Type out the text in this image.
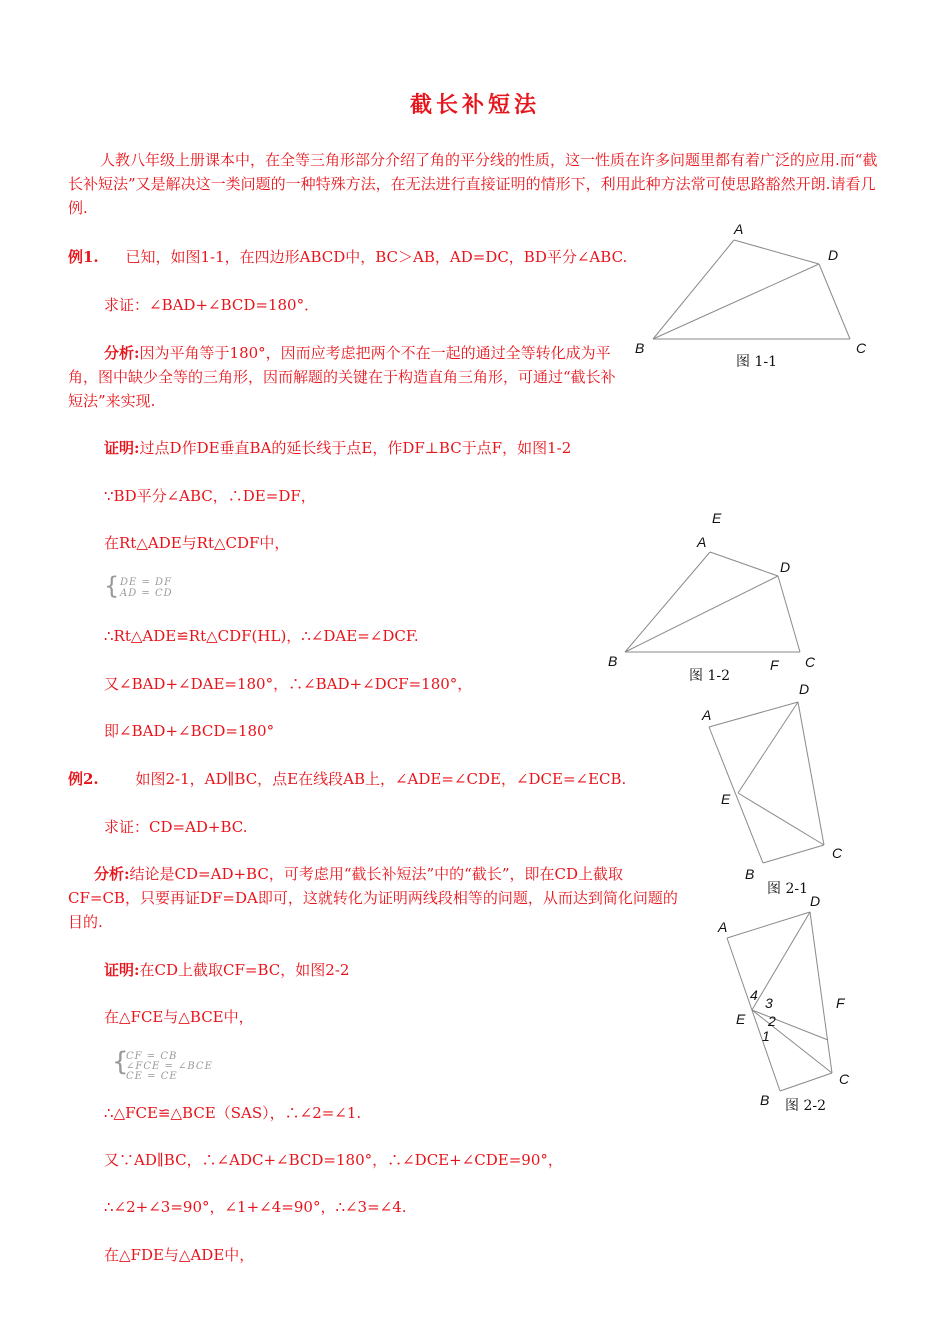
截长补短法
人教八年级上册课本中，在全等三角形部分介绍了角的平分线的性质，这一性质在许多问题里都有着广泛的应用.而“截长补短法”又是解决这一类问题的一种特殊方法，在无法进行直接证明的情形下，利用此种方法常可使思路豁然开朗.请看几例.
例1. 已知，如图1-1，在四边形ABCD中，BC＞AB，AD=DC，BD平分∠ABC.
求证：∠BAD+∠BCD=180°．
分析:因为平角等于180°，因而应考虑把两个不在一起的通过全等转化成为平角，图中缺少全等的三角形，因而解题的关键在于构造直角三角形，可通过“截长补短法”来实现.
证明:过点D作DE垂直BA的延长线于点E，作DF⊥BC于点F，如图1-2
∵BD平分∠ABC，∴DE=DF，
在Rt△ADE与Rt△CDF中，
{ DE = DF
AD = CD
∴Rt△ADE≌Rt△CDF(HL)，∴∠DAE=∠DCF.
又∠BAD+∠DAE=180°，∴∠BAD+∠DCF=180°，
即∠BAD+∠BCD=180°
例2. 如图2-1，AD∥BC，点E在线段AB上，∠ADE=∠CDE，∠DCE=∠ECB.
求证：CD=AD+BC.
分析:结论是CD=AD+BC，可考虑用“截长补短法”中的“截长”，即在CD上截取CF=CB，只要再证DF=DA即可，这就转化为证明两线段相等的问题，从而达到简化问题的目的.
证明:在CD上截取CF=BC，如图2-2
在△FCE与△BCE中，
{
CF = CB
∠FCE = ∠BCE
CE = CE
∴△FCE≌△BCE（SAS），∴∠2=∠1.
又∵AD∥BC，∴∠ADC+∠BCD=180°，∴∠DCE+∠CDE=90°，
∴∠2+∠3=90°，∠1+∠4=90°，∴∠3=∠4.
在△FDE与△ADE中，
A
D
B	C
图 1-1
E
A
D
B	F C
图 1-2
D
A
E
C
B
图 2-1
D
A
F
E
C
B
4 3
2
1
图 2-2
